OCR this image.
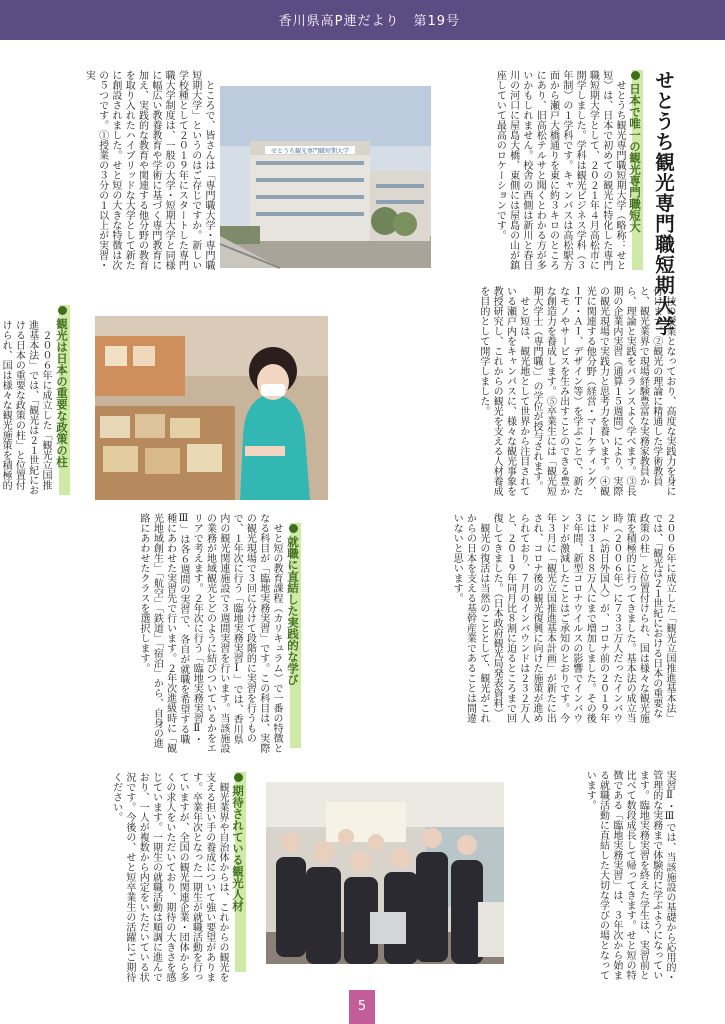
香川県高P連だより　第19号
せとうち観光専門職短期大学
日本で唯一の観光専門職短大

せとうち観光専門職短期大学（略称：せと短）は、日本で初めての観光に特化した専門職短期大学として、２０２１年４月高松市に開学しました。学科は観光ビジネス学科（３年制）の１学科です。キャンパスは高松駅方面から瀬戸大橋通りを東に約３キロのところにあり、旧高松テルサと聞くとわかる方が多いかもしれません。校舎の西側は新川と春日川の河口に屋島大橋、東側には屋島の山が鎮座していて最高のロケーションです。

せとうち観光専門職短期大学

ところで、皆さんは「専門職大学・専門職短期大学」というのはご存じですか。新しい学校種として２０１９年にスタートした専門職大学制度は、一般の大学・短期大学と同様に幅広い教養教育や学術に基づく専門教育に加え、実践的な教育や関連する他分野の教育を取り入れたハイブリッドな大学として新たに創設されました。せと短の大きな特徴は次の５つです。①授業の３分の１以上が実習・実

技の授業となっており、高度な実践力を身に付けます。②観光の理論に精通した学術教員と、観光業界で現場経験豊富な実務家教員から、理論と実践をバランスよく学べます。③長期の企業内実習（通算１５週間）により、実際の観光現場で実践力と思考力を養います。④観光に関連する他分野（経営・マーケティング、ＩＴ・ＡＩ、デザイン等）を学ぶことで、新たなモノやサービスを生み出すことのできる豊かな創造力を養成します。⑤卒業生には「観光短期大学士（専門職）」の学位が授与されます。

せと短は、観光地として世界から注目されている瀬戸内をキャンパスに、様々な観光事象を教授研究し、これからの観光を支える人材養成を目的として開学しました。

観光は日本の重要な政策の柱

２００６年に成立した「観光立国推進基本法」では、「観光は２１世紀における日本の重要な政策の柱」と位置付けられ、国は様々な観光施策を積極的

２００６年に成立した「観光立国推進基本法」では、「観光は２１世紀における日本の重要な政策の柱」と位置付けられ、国は様々な観光施策を積極的に行ってきました。基本法の成立当時（２００６年）に７３３万人だったインバウンド（訪日外国人）が、コロナ前の２０１９年には３１８８万人にまで増加しました。その後３年間、新型コロナウイルスの影響でインバウンドが激減したことはご承知のとおりです。今年３月に「観光立国推進基本計画」が新たに出され、コロナ後の観光復興に向けた施策が進められており、７月のインバウンドは２３２万人と、２０１９年同月比８割に迫るところまで回復してきました。（日本政府観光局発表資料）

観光の復活は当然のこととして、観光がこれからの日本を支える基幹産業であることは間違いないと思います。

就職に直結した実践的な学び

せと短の教育課程（カリキュラム）で一番の特徴となる科目が「臨地実務実習」です。この科目は、実際の観光現場で３回に分けて段階的に実習を行うもので、１年次に行う「臨地実務実習Ⅰ」では、香川県内の観光関連施設で３週間実習を行います。当該施設の業務が地域観光とどのように結びついているかをエリアで考えます。２年次に行う「臨地実務実習Ⅱ・Ⅲ」は各６週間の実習で、各自が就職を希望する職種にあわせた実習先で行います。２年次進級時に「観光地域創生」「航空」「鉄道」「宿泊」から、自身の進路にあわせたクラスを選択します。

実習Ⅱ・Ⅲでは、当該施設の基礎から応用的・管理的な実務まで体験的に学ぶようになっています。臨地実務実習を終えた学生は、実習前と比べて数段成長して帰ってきます。せと短の特徴である「臨地実務実習」は、３年次から始まる就職活動に直結した大切な学びの場となっています。

期待されている観光人材

観光業界や自治体からは、これからの観光を支える担い手の養成について強い要望があります。卒業年次となった一期生が就職活動を行っていますが、全国の観光関連企業・団体から多くの求人をいただいており、期待の大きさを感じています。一期生の就職活動は順調に進んでおり、一人が複数から内定をいただいている状況です。今後の、せと短卒業生の活躍にご期待ください。

5
